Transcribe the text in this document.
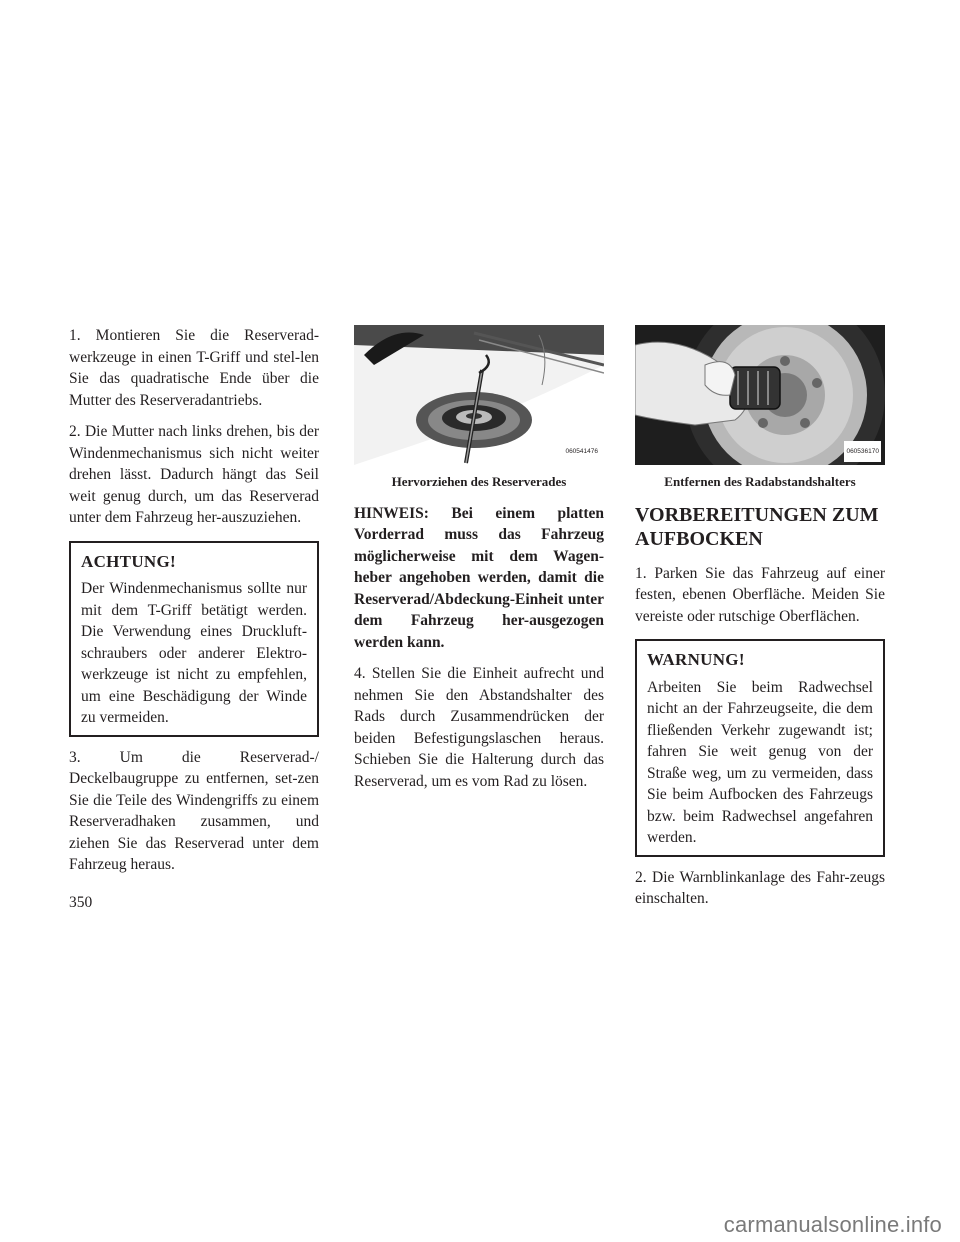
1. Montieren Sie die Reserverad-werkzeuge in einen T-Griff und stel-len Sie das quadratische Ende über die Mutter des Reserveradantriebs.

2. Die Mutter nach links drehen, bis der Windenmechanismus sich nicht weiter drehen lässt. Dadurch hängt das Seil weit genug durch, um das Reserverad unter dem Fahrzeug her-auszuziehen.

ACHTUNG!

Der Windenmechanismus sollte nur mit dem T-Griff betätigt werden. Die Verwendung eines Druckluft-schraubers oder anderer Elektro-werkzeuge ist nicht zu empfehlen, um eine Beschädigung der Winde zu vermeiden.

3. Um die Reserverad-/ Deckelbaugruppe zu entfernen, set-zen Sie die Teile des Windengriffs zu einem Reserveradhaken zusammen, und ziehen Sie das Reserverad unter dem Fahrzeug heraus.

060541476
Hervorziehen des Reserverades

HINWEIS: Bei einem platten Vorderrad muss das Fahrzeug möglicherweise mit dem Wagen-heber angehoben werden, damit die Reserverad/Abdeckung-Einheit unter dem Fahrzeug her-ausgezogen werden kann.

4. Stellen Sie die Einheit aufrecht und nehmen Sie den Abstandshalter des Rads durch Zusammendrücken der beiden Befestigungslaschen heraus. Schieben Sie die Halterung durch das Reserverad, um es vom Rad zu lösen.

060536170
Entfernen des Radabstandshalters
VORBEREITUNGEN ZUM AUFBOCKEN

1. Parken Sie das Fahrzeug auf einer festen, ebenen Oberfläche. Meiden Sie vereiste oder rutschige Oberflächen.

WARNUNG!

Arbeiten Sie beim Radwechsel nicht an der Fahrzeugseite, die dem fließenden Verkehr zugewandt ist; fahren Sie weit genug von der Straße weg, um zu vermeiden, dass Sie beim Aufbocken des Fahrzeugs bzw. beim Radwechsel angefahren werden.

2. Die Warnblinkanlage des Fahr-zeugs einschalten.

350
carmanualsonline.info
